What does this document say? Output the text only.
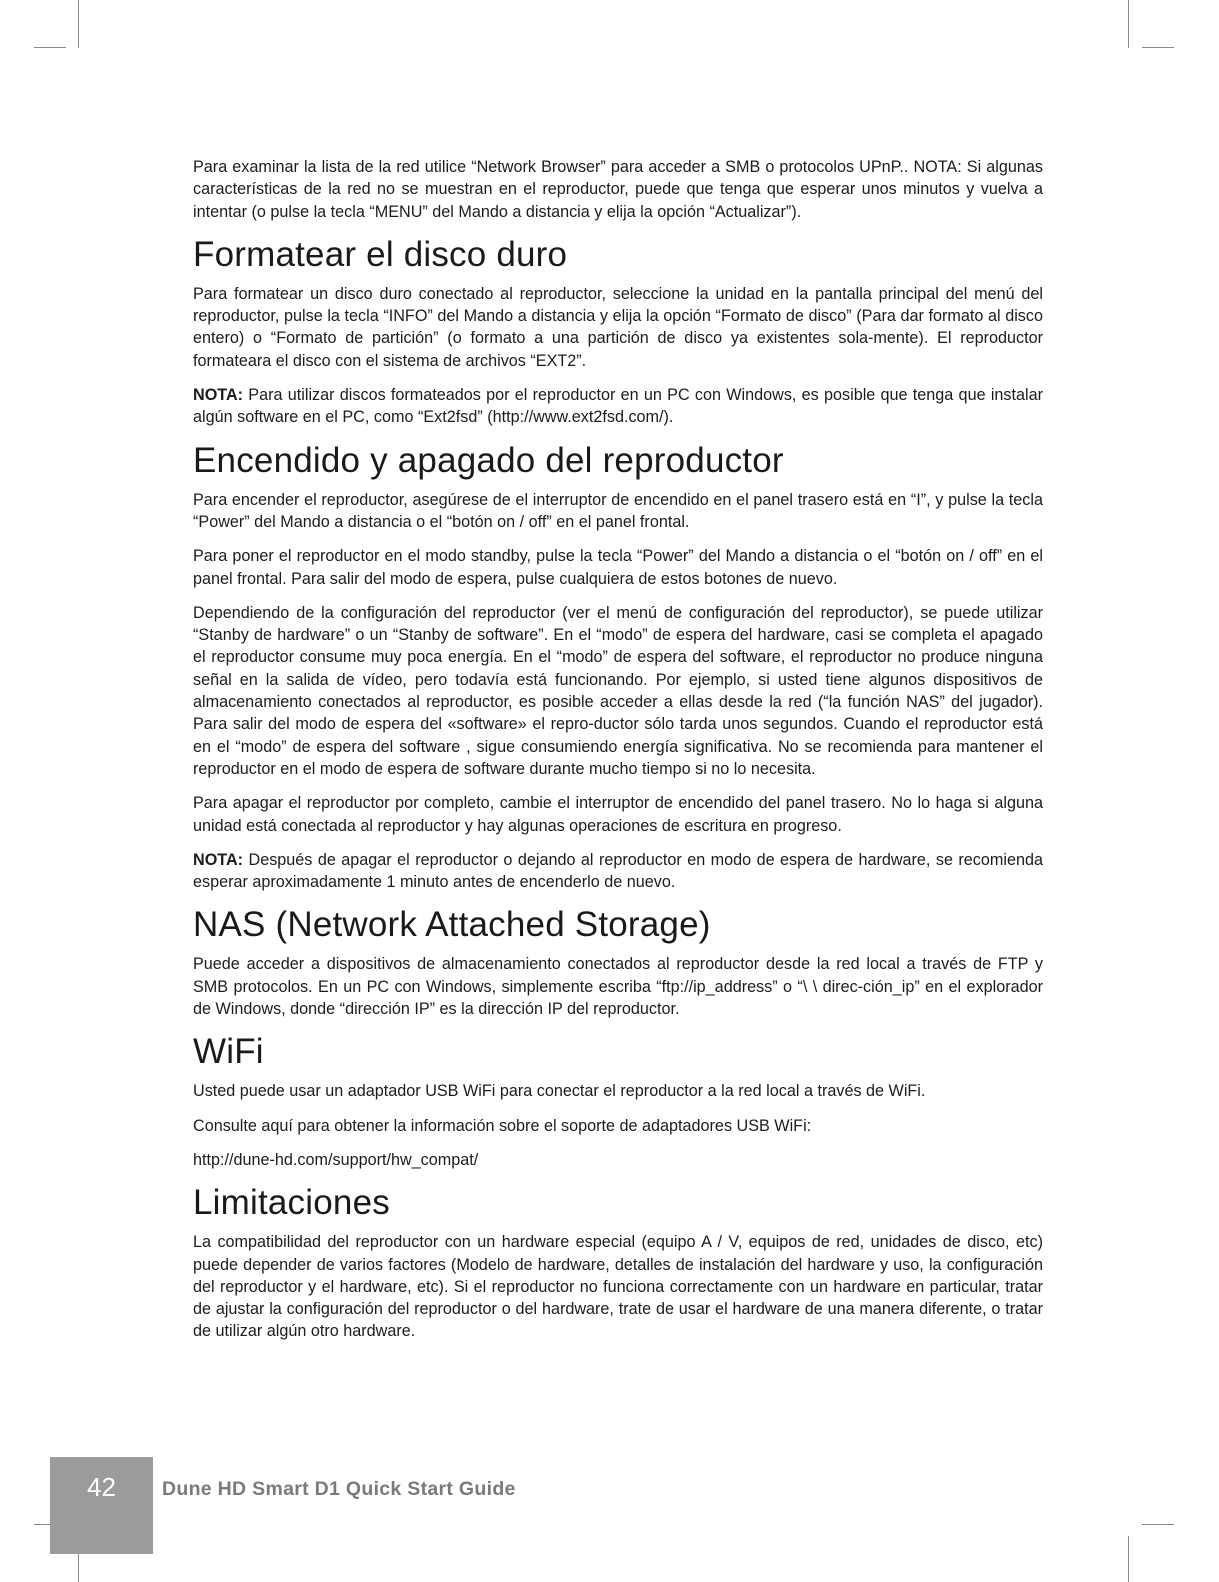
Para examinar la lista de la red utilice “Network Browser” para acceder a SMB o protocolos UPnP.. NOTA: Si algunas características de la red no se muestran en el reproductor, puede que tenga que esperar unos minutos y vuelva a intentar (o pulse la tecla “MENU” del Mando a distancia y elija la opción “Actualizar”).

Formatear el disco duro

Para formatear un disco duro conectado al reproductor, seleccione la unidad en la pantalla principal del menú del reproductor, pulse la tecla “INFO” del Mando a distancia y elija la opción “Formato de disco” (Para dar formato al disco entero) o “Formato de partición” (o formato a una partición de disco ya existentes sola-mente). El reproductor formateara el disco con el sistema de archivos “EXT2”.

NOTA: Para utilizar discos formateados por el reproductor en un PC con Windows, es posible que tenga que instalar algún software en el PC, como “Ext2fsd” (http://www.ext2fsd.com/).

Encendido y apagado del reproductor

Para encender el reproductor, asegúrese de el interruptor de encendido en el panel trasero está en “I”, y pulse la tecla “Power” del Mando a distancia o el “botón on / off” en el panel frontal.

Para poner el reproductor en el modo standby, pulse la tecla “Power” del Mando a distancia o el “botón on / off” en el panel frontal. Para salir del modo de espera, pulse cualquiera de estos botones de nuevo.

Dependiendo de la configuración del reproductor (ver el menú de configuración del reproductor), se puede utilizar “Stanby de hardware” o un “Stanby de software”. En el “modo” de espera del hardware, casi se completa el apagado el reproductor consume muy poca energía. En el “modo” de espera del software, el reproductor no produce ninguna señal en la salida de vídeo, pero todavía está funcionando. Por ejemplo, si usted tiene algunos dispositivos de almacenamiento conectados al reproductor, es posible acceder a ellas desde la red (“la función NAS” del jugador). Para salir del modo de espera del «software» el repro-ductor sólo tarda unos segundos. Cuando el reproductor está en el “modo” de espera del software , sigue consumiendo energía significativa. No se recomienda para mantener el reproductor en el modo de espera de software durante mucho tiempo si no lo necesita.

Para apagar el reproductor por completo, cambie el interruptor de encendido del panel trasero. No lo haga si alguna unidad está conectada al reproductor y hay algunas operaciones de escritura en progreso.

NOTA: Después de apagar el reproductor o dejando al reproductor en modo de espera de hardware, se recomienda esperar aproximadamente 1 minuto antes de encenderlo de nuevo.

NAS (Network Attached Storage)

Puede acceder a dispositivos de almacenamiento conectados al reproductor desde la red local a través de FTP y SMB protocolos. En un PC con Windows, simplemente escriba “ftp://ip_address” o “\ \ direc-ción_ip” en el explorador de Windows, donde “dirección IP” es la dirección IP del reproductor.

WiFi

Usted puede usar un adaptador USB WiFi para conectar el reproductor a la red local a través de WiFi.

Consulte aquí para obtener la información sobre el soporte de adaptadores USB WiFi:

http://dune-hd.com/support/hw_compat/

Limitaciones

La compatibilidad del reproductor con un hardware especial (equipo A / V, equipos de red, unidades de disco, etc) puede depender de varios factores (Modelo de hardware, detalles de instalación del hardware y uso, la configuración del reproductor y el hardware, etc). Si el reproductor no funciona correctamente con un hardware en particular, tratar de ajustar la configuración del reproductor o del hardware, trate de usar el hardware de una manera diferente, o tratar de utilizar algún otro hardware.

42	Dune HD Smart D1 Quick Start Guide
